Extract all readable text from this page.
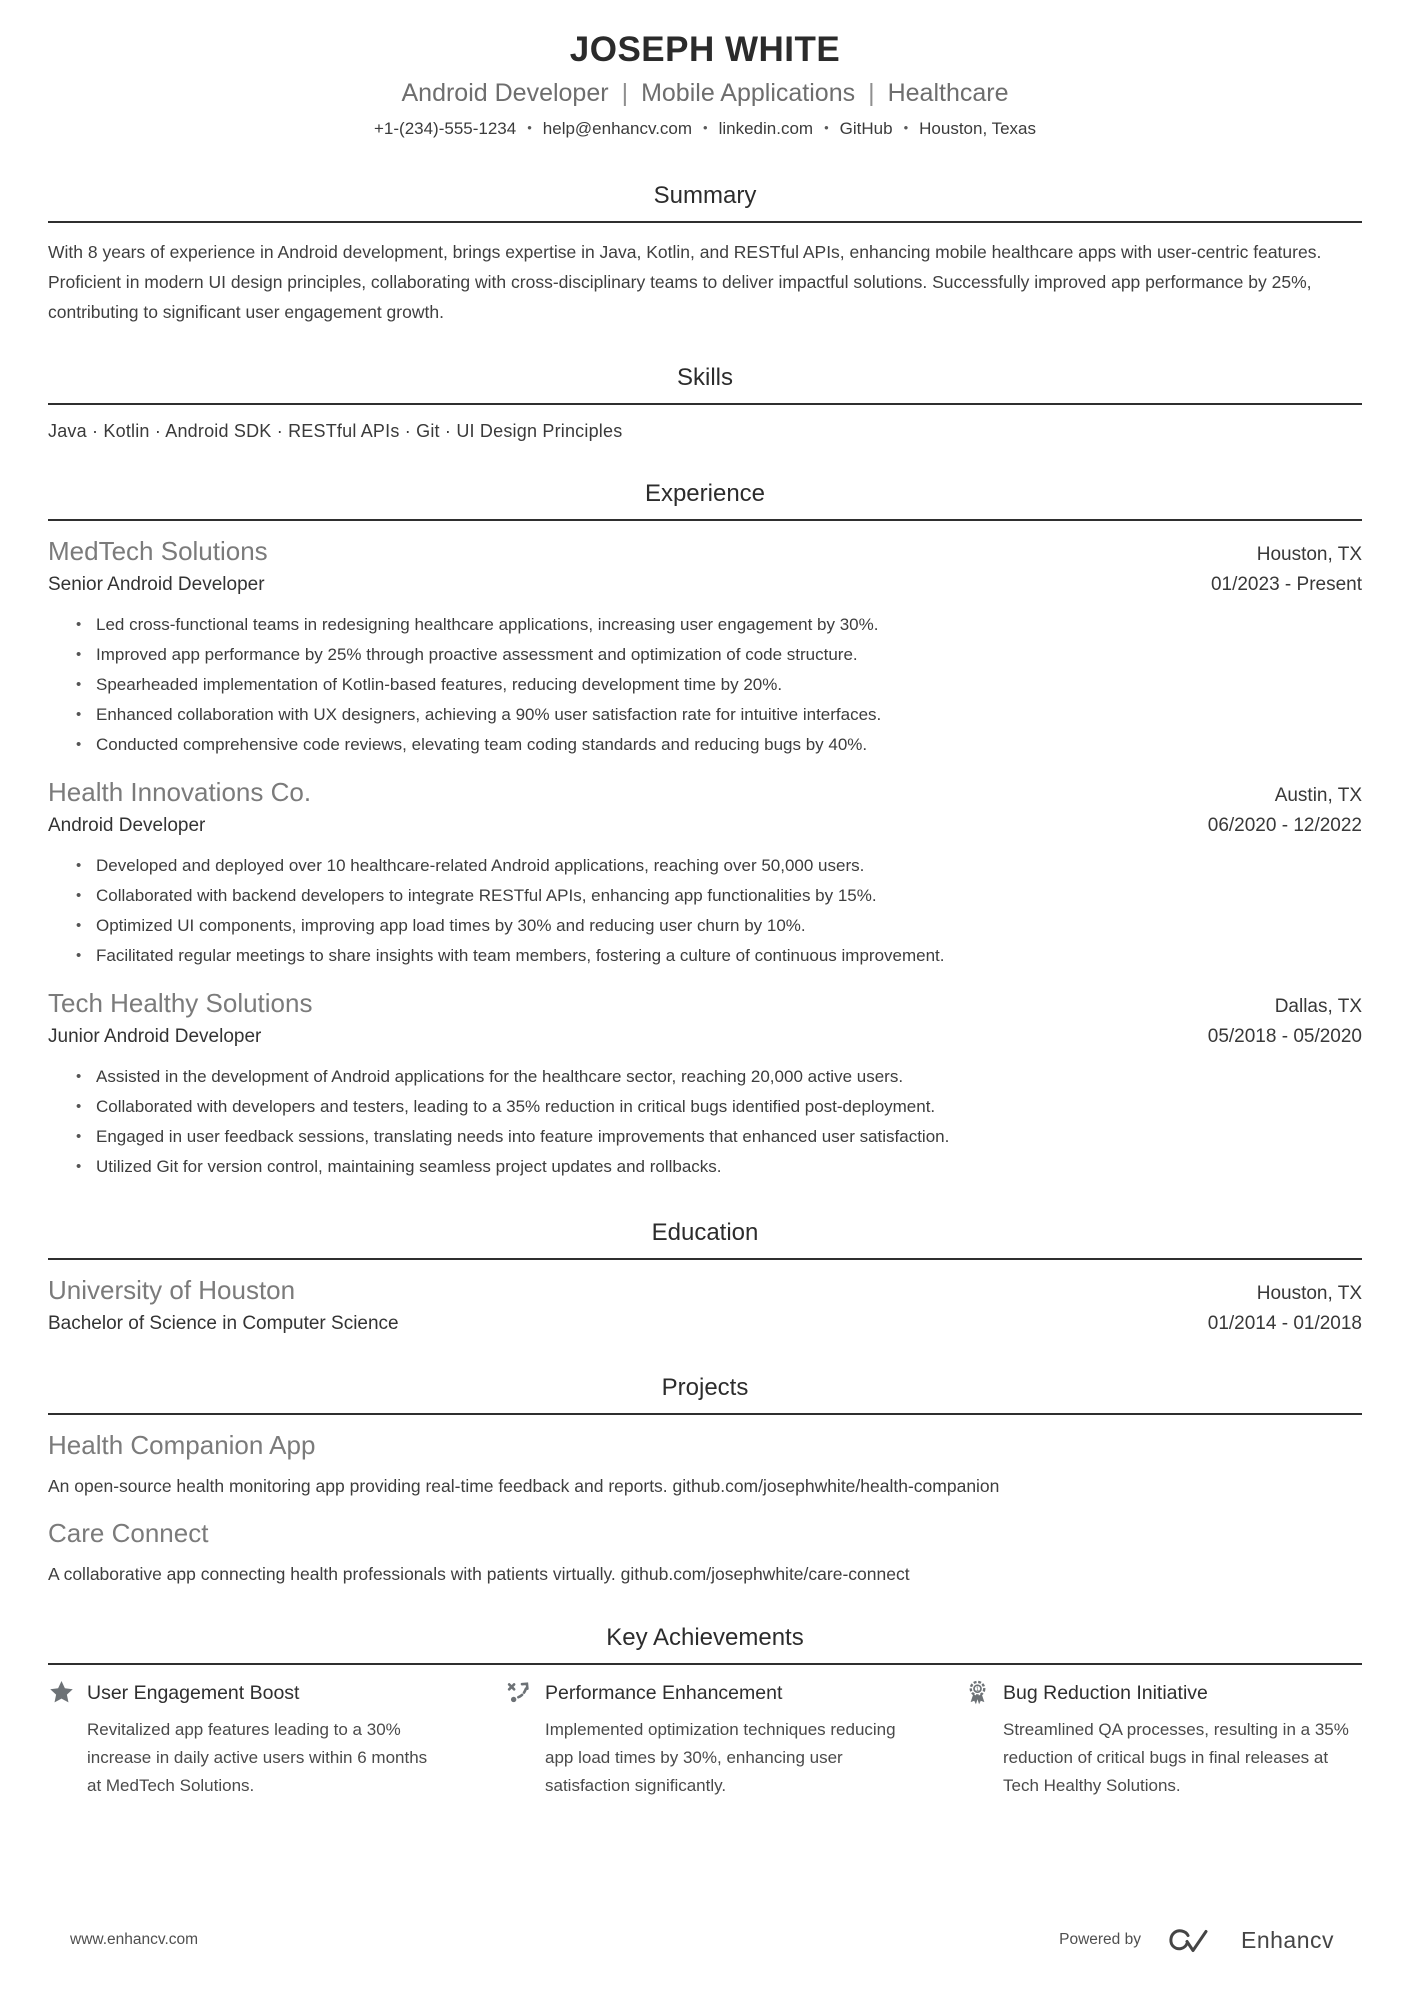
JOSEPH WHITE
Android Developer | Mobile Applications | Healthcare
+1-(234)-555-1234 • help@enhancv.com • linkedin.com • GitHub • Houston, Texas
Summary

With 8 years of experience in Android development, brings expertise in Java, Kotlin, and RESTful APIs, enhancing mobile healthcare apps with user-centric features. Proficient in modern UI design principles, collaborating with cross-disciplinary teams to deliver impactful solutions. Successfully improved app performance by 25%, contributing to significant user engagement growth.

Skills
Java · Kotlin · Android SDK · RESTful APIs · Git · UI Design Principles
Experience
MedTech Solutions	Houston, TX
Senior Android Developer	01/2023 - Present
• Led cross-functional teams in redesigning healthcare applications, increasing user engagement by 30%.
• Improved app performance by 25% through proactive assessment and optimization of code structure.
• Spearheaded implementation of Kotlin-based features, reducing development time by 20%.
• Enhanced collaboration with UX designers, achieving a 90% user satisfaction rate for intuitive interfaces.
• Conducted comprehensive code reviews, elevating team coding standards and reducing bugs by 40%.
Health Innovations Co.	Austin, TX
Android Developer	06/2020 - 12/2022
• Developed and deployed over 10 healthcare-related Android applications, reaching over 50,000 users.
• Collaborated with backend developers to integrate RESTful APIs, enhancing app functionalities by 15%.
• Optimized UI components, improving app load times by 30% and reducing user churn by 10%.
• Facilitated regular meetings to share insights with team members, fostering a culture of continuous improvement.
Tech Healthy Solutions	Dallas, TX
Junior Android Developer	05/2018 - 05/2020
• Assisted in the development of Android applications for the healthcare sector, reaching 20,000 active users.
• Collaborated with developers and testers, leading to a 35% reduction in critical bugs identified post-deployment.
• Engaged in user feedback sessions, translating needs into feature improvements that enhanced user satisfaction.
• Utilized Git for version control, maintaining seamless project updates and rollbacks.
Education
University of Houston	Houston, TX
Bachelor of Science in Computer Science	01/2014 - 01/2018
Projects
Health Companion App
An open-source health monitoring app providing real-time feedback and reports. github.com/josephwhite/health-companion
Care Connect
A collaborative app connecting health professionals with patients virtually. github.com/josephwhite/care-connect
Key Achievements
User Engagement Boost
Revitalized app features leading to a 30% increase in daily active users within 6 months at MedTech Solutions.
Performance Enhancement
Implemented optimization techniques reducing app load times by 30%, enhancing user satisfaction significantly.
1 Bug Reduction Initiative
Streamlined QA processes, resulting in a 35% reduction of critical bugs in final releases at Tech Healthy Solutions.
www.enhancv.com	Powered by	Enhancv
